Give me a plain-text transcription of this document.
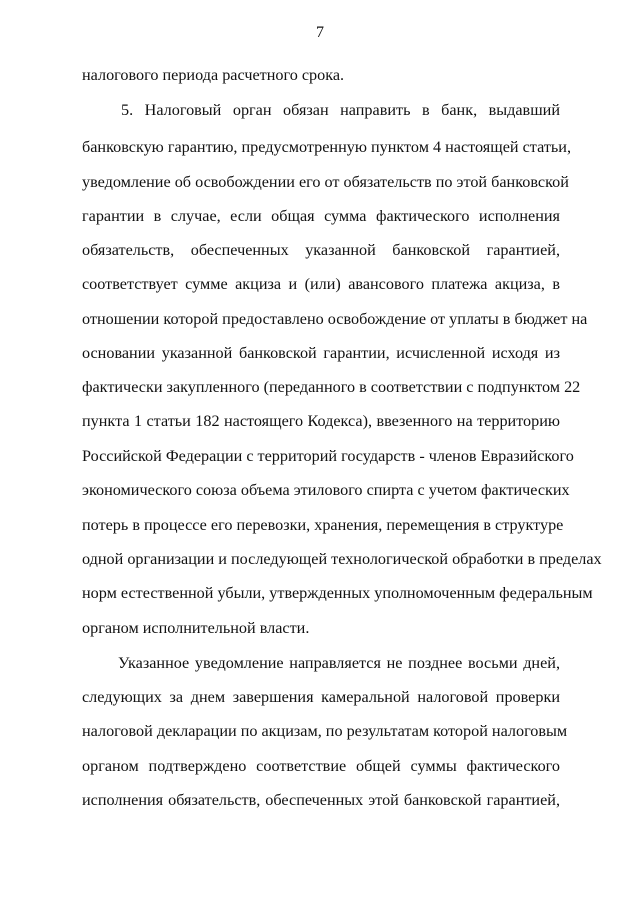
7
налогового периода расчетного срока.
5. Налоговый орган обязан направить в банк, выдавший
банковскую гарантию, предусмотренную пунктом 4 настоящей статьи,
уведомление об освобождении его от обязательств по этой банковской
гарантии в случае, если общая сумма фактического исполнения
обязательств, обеспеченных указанной банковской гарантией,
соответствует сумме акциза и (или) авансового платежа акциза, в
отношении которой предоставлено освобождение от уплаты в бюджет на
основании указанной банковской гарантии, исчисленной исходя из
фактически закупленного (переданного в соответствии с подпунктом 22
пункта 1 статьи 182 настоящего Кодекса), ввезенного на территорию
Российской Федерации с территорий государств - членов Евразийского
экономического союза объема этилового спирта с учетом фактических
потерь в процессе его перевозки, хранения, перемещения в структуре
одной организации и последующей технологической обработки в пределах
норм естественной убыли, утвержденных уполномоченным федеральным
органом исполнительной власти.
Указанное уведомление направляется не позднее восьми дней,
следующих за днем завершения камеральной налоговой проверки
налоговой декларации по акцизам, по результатам которой налоговым
органом подтверждено соответствие общей суммы фактического
исполнения обязательств, обеспеченных этой банковской гарантией,
